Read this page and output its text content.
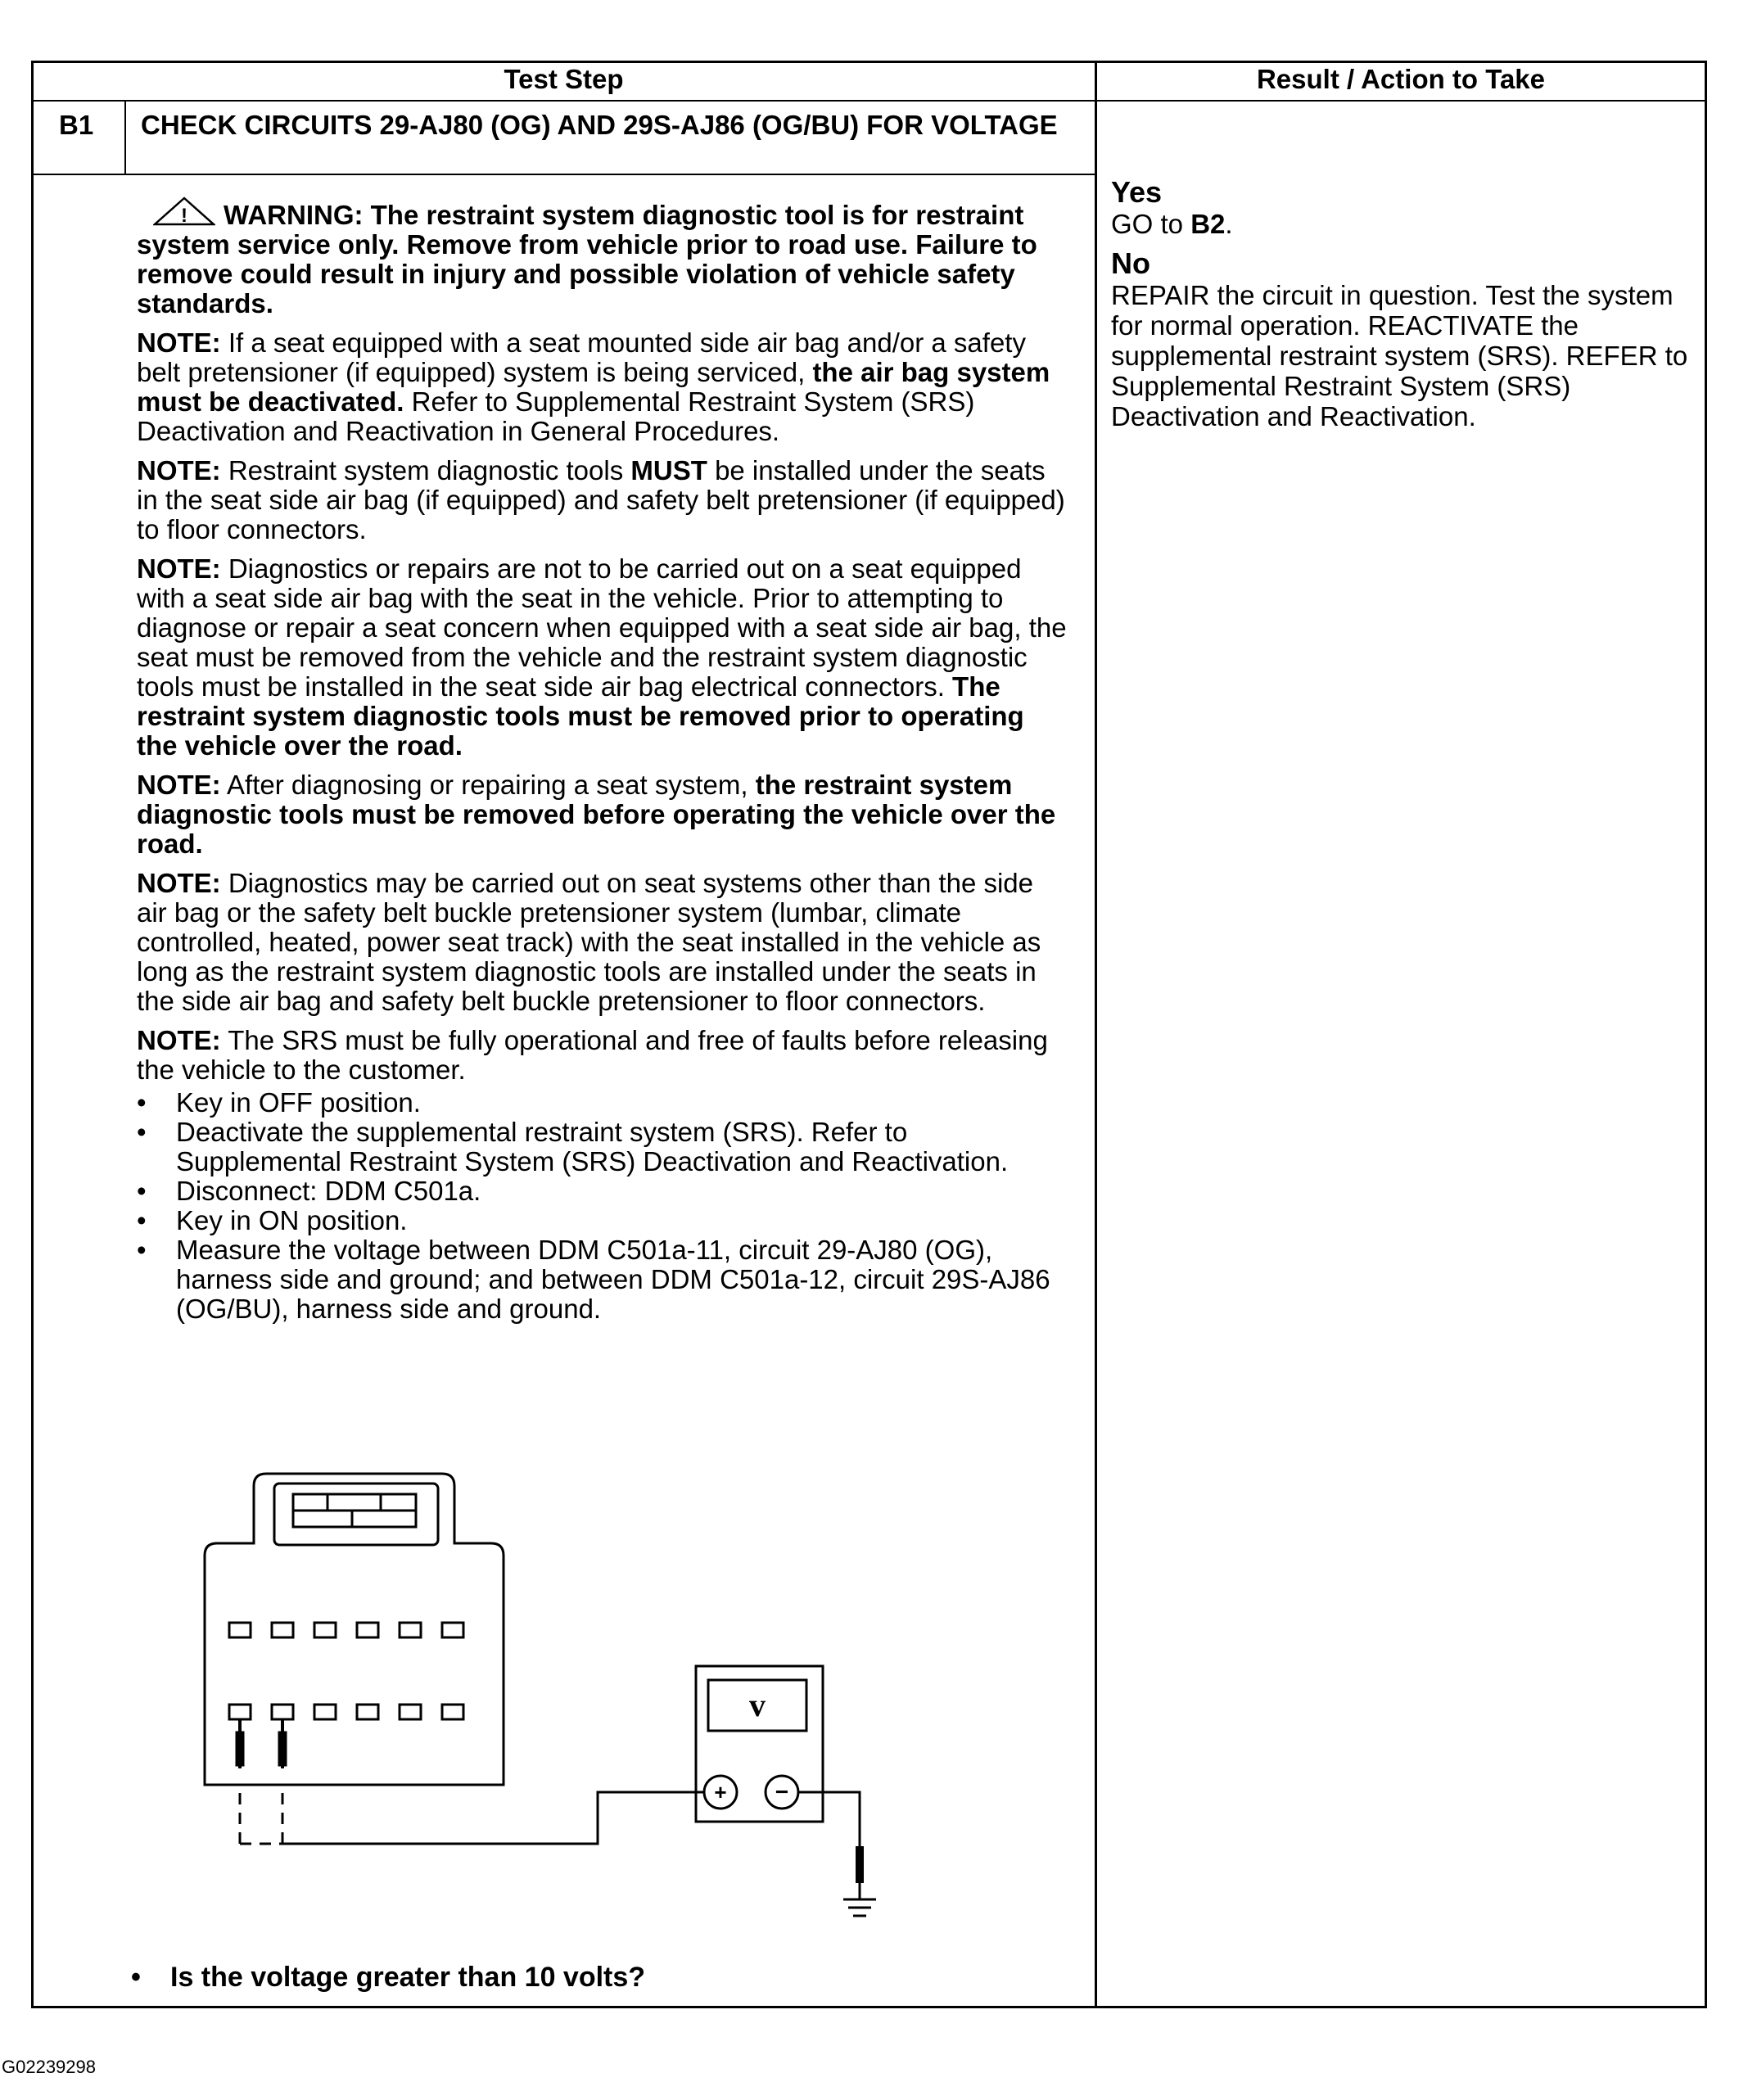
Test Step	Result / Action to Take
B1 CHECK CIRCUITS 29-AJ80 (OG) AND 29S-AJ86 (OG/BU) FOR VOLTAGE

! WARNING: The restraint system diagnostic tool is for restraint system service only. Remove from vehicle prior to road use. Failure to remove could result in injury and possible violation of vehicle safety standards.

NOTE: If a seat equipped with a seat mounted side air bag and/or a safety belt pretensioner (if equipped) system is being serviced, the air bag system must be deactivated. Refer to Supplemental Restraint System (SRS) Deactivation and Reactivation in General Procedures.

NOTE: Restraint system diagnostic tools MUST be installed under the seats in the seat side air bag (if equipped) and safety belt pretensioner (if equipped) to floor connectors.

NOTE: Diagnostics or repairs are not to be carried out on a seat equipped with a seat side air bag with the seat in the vehicle. Prior to attempting to diagnose or repair a seat concern when equipped with a seat side air bag, the seat must be removed from the vehicle and the restraint system diagnostic tools must be installed in the seat side air bag electrical connectors. The restraint system diagnostic tools must be removed prior to operating the vehicle over the road.

NOTE: After diagnosing or repairing a seat system, the restraint system diagnostic tools must be removed before operating the vehicle over the road.

NOTE: Diagnostics may be carried out on seat systems other than the side air bag or the safety belt buckle pretensioner system (lumbar, climate controlled, heated, power seat track) with the seat installed in the vehicle as long as the restraint system diagnostic tools are installed under the seats in the side air bag and safety belt buckle pretensioner to floor connectors.

NOTE: The SRS must be fully operational and free of faults before releasing the vehicle to the customer.

• Key in OFF position.
• Deactivate the supplemental restraint system (SRS). Refer to Supplemental Restraint System (SRS) Deactivation and Reactivation.
• Disconnect: DDM C501a.
• Key in ON position.
• Measure the voltage between DDM C501a-11, circuit 29-AJ80 (OG), harness side and ground; and between DDM C501a-12, circuit 29S-AJ86 (OG/BU), harness side and ground.
v
+ −
• Is the voltage greater than 10 volts?
Yes
GO to B2.
No
REPAIR the circuit in question. Test the system for normal operation. REACTIVATE the supplemental restraint system (SRS). REFER to Supplemental Restraint System (SRS) Deactivation and Reactivation.
G02239298
